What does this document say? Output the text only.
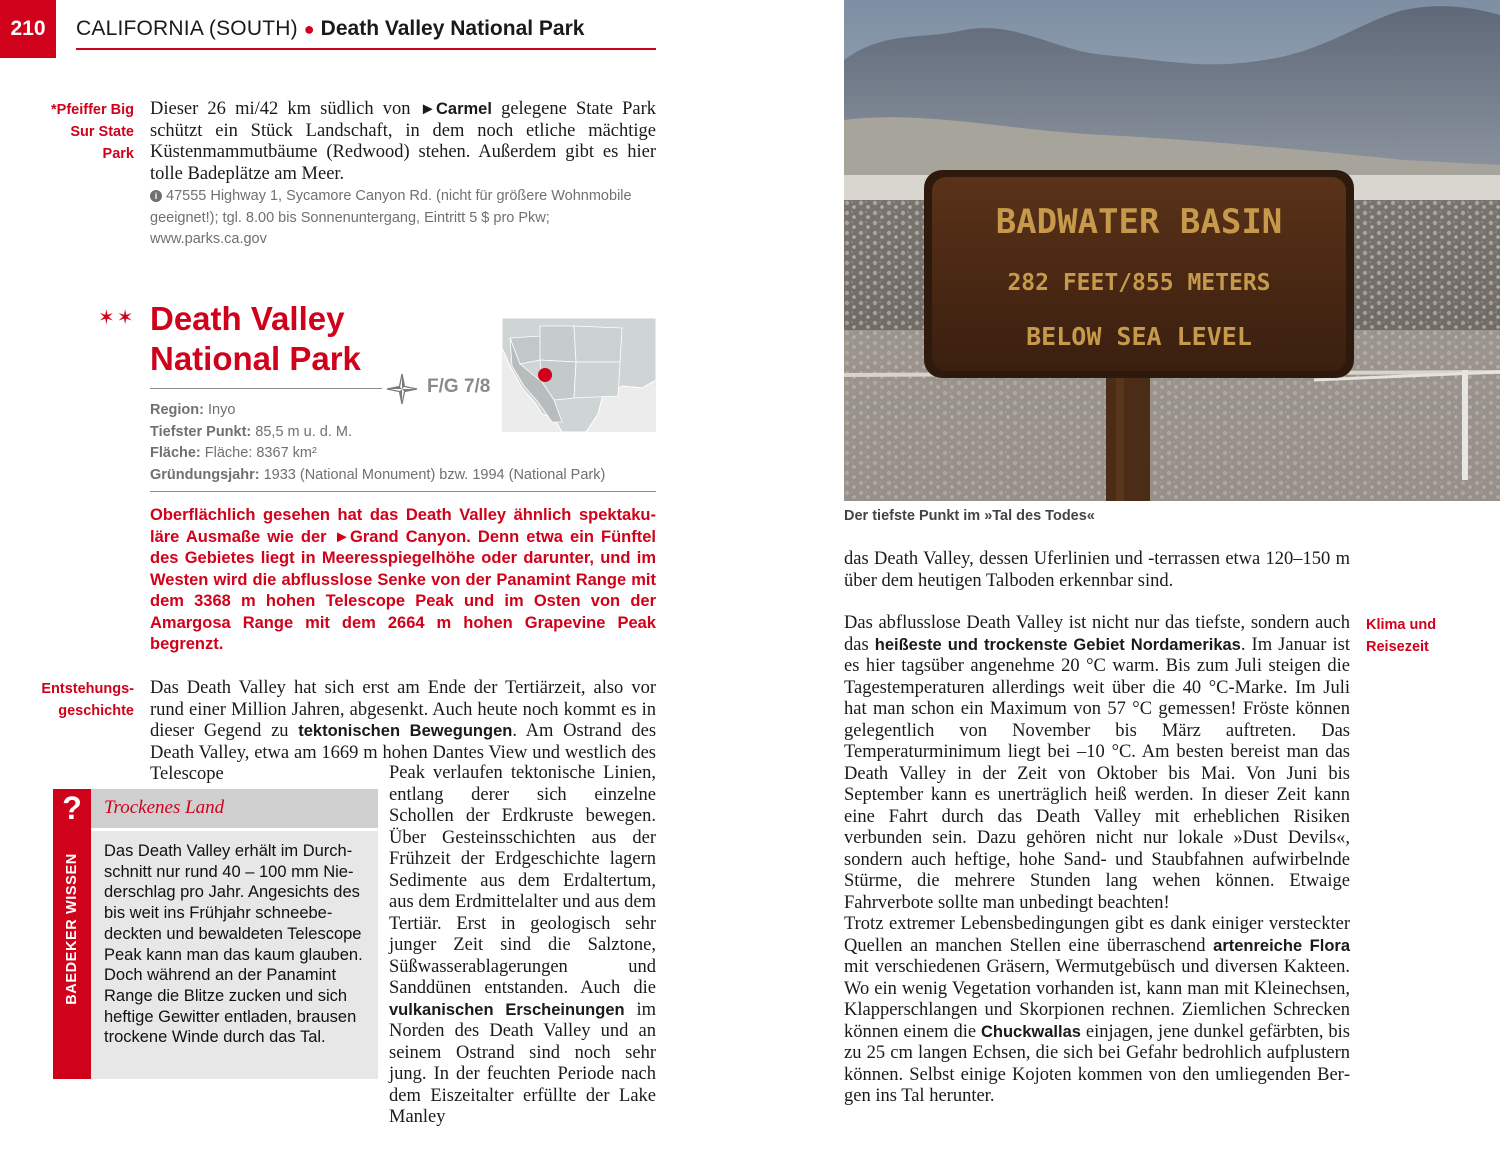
210	CALIFORNIA (SOUTH) ● Death Valley National Park
*Pfeiffer Big
Sur State
Park
Dieser 26 mi/42 km südlich von ►Carmel gelegene State Park schützt ein Stück Landschaft, in dem noch etliche mächtige Küstenmammutbäume (Redwood) stehen. Außerdem gibt es hier tolle Badeplätze am Meer.
i 47555 Highway 1, Sycamore Canyon Rd. (nicht für größere Wohnmobile geeignet!); tgl. 8.00 bis Sonnenuntergang, Eintritt 5 $ pro Pkw; www.parks.ca.gov
✶✶ Death Valley
National Park
F/G 7/8
Region: Inyo
Tiefster Punkt: 85,5 m u. d. M.
Fläche: Fläche: 8367 km²
Gründungsjahr: 1933 (National Monument) bzw. 1994 (National Park)
Oberflächlich gesehen hat das Death Valley ähnlich spektakuläre Ausmaße wie der ►Grand Canyon. Denn etwa ein Fünftel des Gebietes liegt in Meeresspiegelhöhe oder darunter, und im Westen wird die abflusslose Senke von der Panamint Range mit dem 3368 m hohen Telescope Peak und im Osten von der Amargosa Range mit dem 2664 m hohen Grapevine Peak begrenzt.
Entstehungs-
geschichte
Das Death Valley hat sich erst am Ende der Tertiärzeit, also vor rund einer Million Jahren, abgesenkt. Auch heute noch kommt es in dieser Gegend zu tektonischen Bewegungen. Am Ostrand des Death Valley, etwa am 1669 m hohen Dantes View und westlich des Telescope	Peak verlaufen tektonische Linien, entlang derer sich einzelne Schollen der Erdkruste bewegen. Über Gesteinsschichten aus der Frühzeit der Erdgeschichte lagern Sedimente aus dem Erdaltertum, aus dem Erdmittelalter und aus dem Tertiär. Erst in geologisch sehr junger Zeit sind die Salztone, Süßwasserablagerungen und Sanddünen entstanden. Auch die vulkanischen Erscheinungen im Norden des Death Valley und an seinem Ostrand sind noch sehr jung. In der feuchten Periode nach dem Eiszeitalter erfüllte der Lake Manley
?
BAEDEKER WISSEN
Trockenes Land
Das Death Valley erhält im Durchschnitt nur rund 40 – 100 mm Niederschlag pro Jahr. Angesichts des bis weit ins Frühjahr schneebedeckten und bewaldeten Telescope Peak kann man das kaum glauben. Doch während an der Panamint Range die Blitze zucken und sich heftige Gewitter entladen, brausen trockene Winde durch das Tal.
BADWATER BASIN
282 FEET/855 METERS
BELOW SEA LEVEL
Der tiefste Punkt im »Tal des Todes«
das Death Valley, dessen Uferlinien und -terrassen etwa 120–150 m über dem heutigen Talboden erkennbar sind.
Klima und
Reisezeit
Das abflusslose Death Valley ist nicht nur das tiefste, sondern auch das heißeste und trockenste Gebiet Nordamerikas. Im Januar ist es hier tagsüber angenehme 20 °C warm. Bis zum Juli steigen die Tagestemperaturen allerdings weit über die 40 °C-Marke. Im Juli hat man schon ein Maximum von 57 °C gemessen! Fröste können gelegentlich von November bis März auftreten. Das Temperaturminimum liegt bei –10 °C. Am besten bereist man das Death Valley in der Zeit von Oktober bis Mai. Von Juni bis September kann es unerträglich heiß werden. In dieser Zeit kann eine Fahrt durch das Death Valley mit erheblichen Risiken verbunden sein. Dazu gehören nicht nur lokale »Dust Devils«, sondern auch heftige, hohe Sand- und Staubfahnen aufwirbelnde Stürme, die mehrere Stunden lang wehen können. Etwaige Fahrverbote sollte man unbedingt beachten!
Trotz extremer Lebensbedingungen gibt es dank einiger versteckter Quellen an manchen Stellen eine überraschend artenreiche Flora mit verschiedenen Gräsern, Wermutgebüsch und diversen Kakteen. Wo ein wenig Vegetation vorhanden ist, kann man mit Kleinechsen, Klapperschlangen und Skorpionen rechnen. Ziemlichen Schrecken können einem die Chuckwallas einjagen, jene dunkel gefärbten, bis zu 25 cm langen Echsen, die sich bei Gefahr bedrohlich aufplustern können. Selbst einige Kojoten kommen von den umliegenden Bergen ins Tal herunter.
